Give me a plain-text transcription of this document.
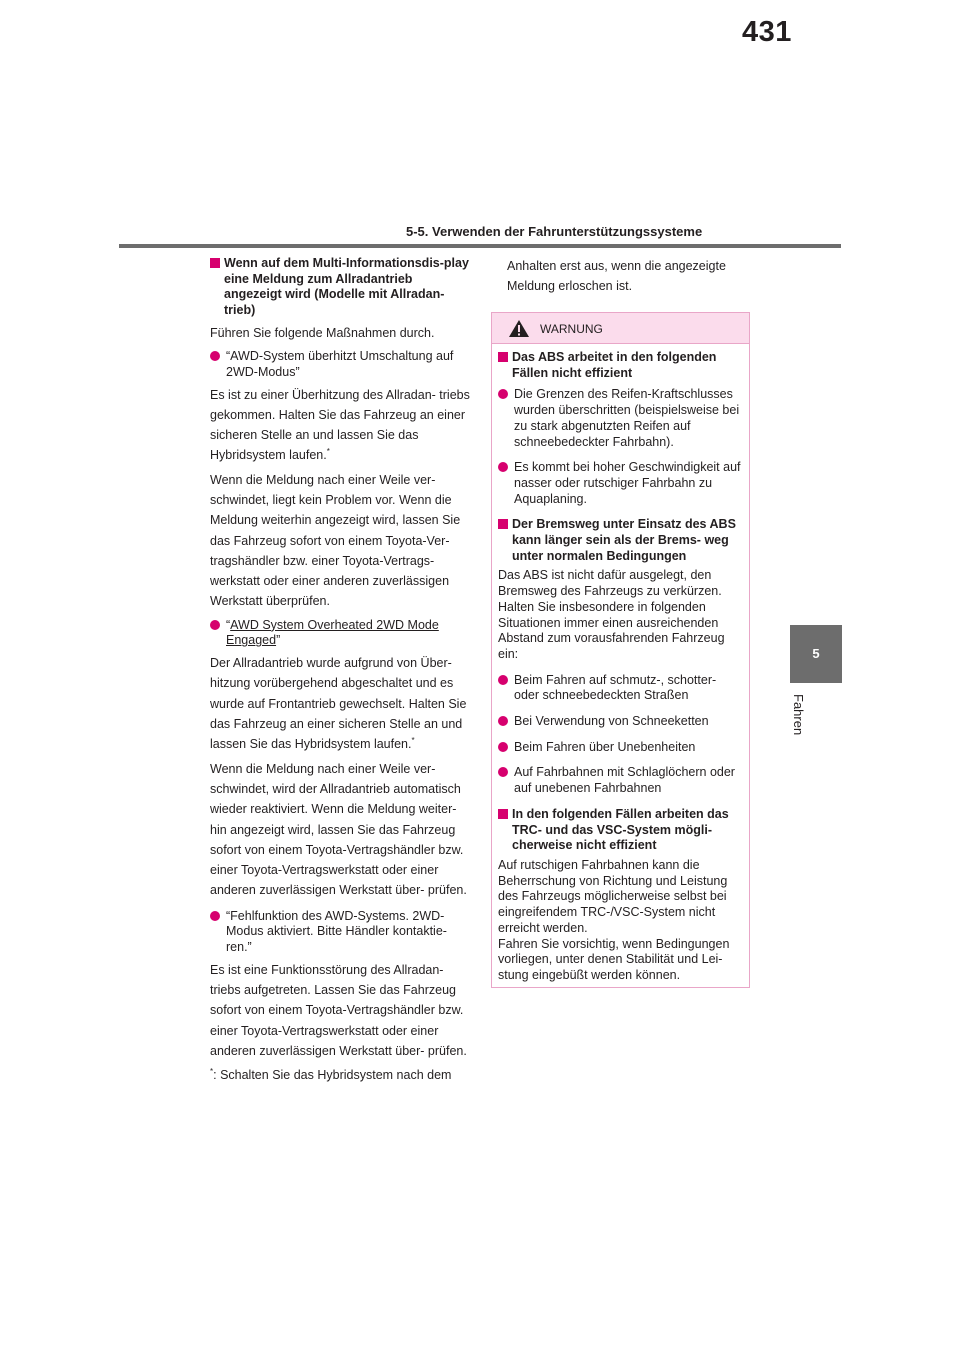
431
5-5. Verwenden der Fahrunterstützungssysteme
5
Fahren

Wenn auf dem Multi-Informationsdis-play eine Meldung zum Allradantrieb angezeigt wird (Modelle mit Allradan-trieb)

Führen Sie folgende Maßnahmen durch.

“AWD-System überhitzt Umschaltung auf 2WD-Modus”

Es ist zu einer Überhitzung des Allradan- triebs gekommen. Halten Sie das Fahrzeug an einer sicheren Stelle an und lassen Sie das Hybridsystem laufen.*

Wenn die Meldung nach einer Weile ver- schwindet, liegt kein Problem vor. Wenn die Meldung weiterhin angezeigt wird, lassen Sie das Fahrzeug sofort von einem Toyota-Ver- tragshändler bzw. einer Toyota-Vertrags- werkstatt oder einer anderen zuverlässigen Werkstatt überprüfen.

“AWD System Overheated 2WD Mode Engaged”

Der Allradantrieb wurde aufgrund von Über- hitzung vorübergehend abgeschaltet und es wurde auf Frontantrieb gewechselt. Halten Sie das Fahrzeug an einer sicheren Stelle an und lassen Sie das Hybridsystem laufen.*

Wenn die Meldung nach einer Weile ver- schwindet, wird der Allradantrieb automatisch wieder reaktiviert. Wenn die Meldung weiter- hin angezeigt wird, lassen Sie das Fahrzeug sofort von einem Toyota-Vertragshändler bzw. einer Toyota-Vertragswerkstatt oder einer anderen zuverlässigen Werkstatt über- prüfen.

“Fehlfunktion des AWD-Systems. 2WD- Modus aktiviert. Bitte Händler kontaktie- ren.”

Es ist eine Funktionsstörung des Allradan- triebs aufgetreten. Lassen Sie das Fahrzeug sofort von einem Toyota-Vertragshändler bzw. einer Toyota-Vertragswerkstatt oder einer anderen zuverlässigen Werkstatt über- prüfen.

*: Schalten Sie das Hybridsystem nach dem

Anhalten erst aus, wenn die angezeigte Meldung erloschen ist.

WARNUNG

Das ABS arbeitet in den folgenden Fällen nicht effizient

Die Grenzen des Reifen-Kraftschlusses wurden überschritten (beispielsweise bei zu stark abgenutzten Reifen auf schneebedeckter Fahrbahn).

Es kommt bei hoher Geschwindigkeit auf nasser oder rutschiger Fahrbahn zu Aquaplaning.

Der Bremsweg unter Einsatz des ABS kann länger sein als der Brems- weg unter normalen Bedingungen

Das ABS ist nicht dafür ausgelegt, den Bremsweg des Fahrzeugs zu verkürzen. Halten Sie insbesondere in folgenden Situationen immer einen ausreichenden Abstand zum vorausfahrenden Fahrzeug ein:

Beim Fahren auf schmutz-, schotter- oder schneebedeckten Straßen

Bei Verwendung von Schneeketten

Beim Fahren über Unebenheiten

Auf Fahrbahnen mit Schlaglöchern oder auf unebenen Fahrbahnen

In den folgenden Fällen arbeiten das TRC- und das VSC-System mögli- cherweise nicht effizient

Auf rutschigen Fahrbahnen kann die Beherrschung von Richtung und Leistung des Fahrzeugs möglicherweise selbst bei eingreifendem TRC-/VSC-System nicht erreicht werden.

Fahren Sie vorsichtig, wenn Bedingungen vorliegen, unter denen Stabilität und Lei- stung eingebüßt werden können.
